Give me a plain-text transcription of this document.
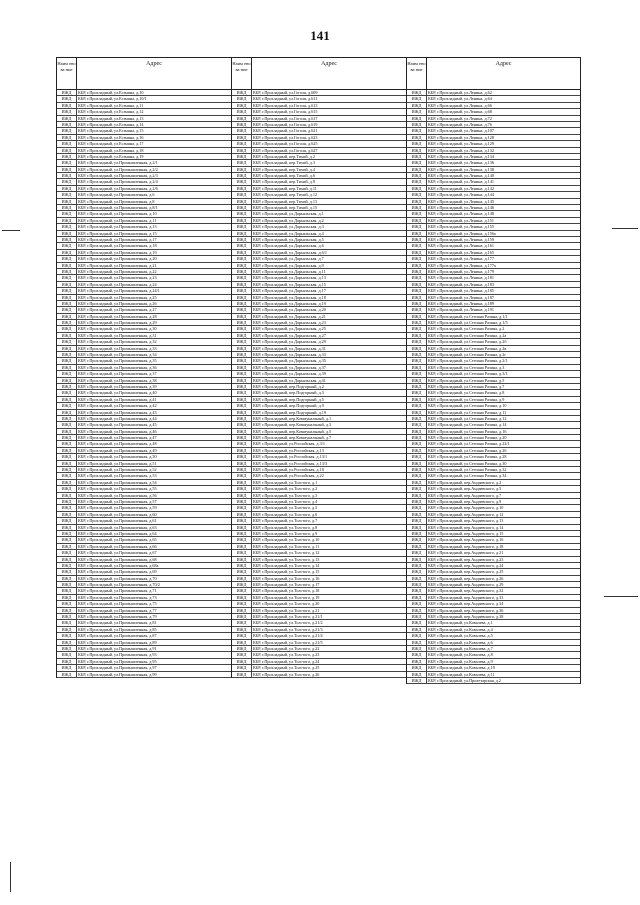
141
Наим енова ние
Адрес
ИЖД	КБР, г.Прохладный, ул.Есенина, д.10
ИЖД	КБР, г.Прохладный, ул.Есенина, д.10/1
ИЖД	КБР, г.Прохладный, ул.Есенина, д.11
ИЖД	КБР, г.Прохладный, ул.Есенина, д.12
ИЖД	КБР, г.Прохладный, ул.Есенина, д.13
ИЖД	КБР, г.Прохладный, ул.Есенина, д.14
ИЖД	КБР, г.Прохладный, ул.Есенина, д.15
ИЖД	КБР, г.Прохладный, ул.Есенина, д.16
ИЖД	КБР, г.Прохладный, ул.Есенина, д.17
ИЖД	КБР, г.Прохладный, ул.Есенина, д.18
ИЖД	КБР, г.Прохладный, ул.Есенина, д.19
ИЖД	КБР, г.Прохладный, ул.Промышленная, д.2/1
ИЖД	КБР, г.Прохладный, ул.Промышленная, д.2/2
ИЖД	КБР, г.Прохладный, ул.Промышленная, д.2/3
ИЖД	КБР, г.Прохладный, ул.Промышленная, д.2/4
ИЖД	КБР, г.Прохладный, ул.Промышленная, д.2/6
ИЖД	КБР, г.Прохладный, ул.Промышленная, д.6
ИЖД	КБР, г.Прохладный, ул.Промышленная, д.8
ИЖД	КБР, г.Прохладный, ул.Промышленная, д.8/1
ИЖД	КБР, г.Прохладный, ул.Промышленная, д.10
ИЖД	КБР, г.Прохладный, ул.Промышленная, д.11
ИЖД	КБР, г.Прохладный, ул.Промышленная, д.13
ИЖД	КБР, г.Прохладный, ул.Промышленная, д.15
ИЖД	КБР, г.Прохладный, ул.Промышленная, д.17
ИЖД	КБР, г.Прохладный, ул.Промышленная, д.18
ИЖД	КБР, г.Прохладный, ул.Промышленная, д.19
ИЖД	КБР, г.Прохладный, ул.Промышленная, д.20
ИЖД	КБР, г.Прохладный, ул.Промышленная, д.21
ИЖД	КБР, г.Прохладный, ул.Промышленная, д.22
ИЖД	КБР, г.Прохладный, ул.Промышленная, д.23
ИЖД	КБР, г.Прохладный, ул.Промышленная, д.24
ИЖД	КБР, г.Прохладный, ул.Промышленная, д.24/1
ИЖД	КБР, г.Прохладный, ул.Промышленная, д.25
ИЖД	КБР, г.Прохладный, ул.Промышленная, д.26
ИЖД	КБР, г.Прохладный, ул.Промышленная, д.27
ИЖД	КБР, г.Прохладный, ул.Промышленная, д.28
ИЖД	КБР, г.Прохладный, ул.Промышленная, д.29
ИЖД	КБР, г.Прохладный, ул.Промышленная, д.30
ИЖД	КБР, г.Прохладный, ул.Промышленная, д.31
ИЖД	КБР, г.Прохладный, ул.Промышленная, д.32
ИЖД	КБР, г.Прохладный, ул.Промышленная, д.33
ИЖД	КБР, г.Прохладный, ул.Промышленная, д.34
ИЖД	КБР, г.Прохладный, ул.Промышленная, д.35
ИЖД	КБР, г.Прохладный, ул.Промышленная, д.36
ИЖД	КБР, г.Прохладный, ул.Промышленная, д.37
ИЖД	КБР, г.Прохладный, ул.Промышленная, д.38
ИЖД	КБР, г.Прохладный, ул.Промышленная, д.39
ИЖД	КБР, г.Прохладный, ул.Промышленная, д.40
ИЖД	КБР, г.Прохладный, ул.Промышленная, д.41
ИЖД	КБР, г.Прохладный, ул.Промышленная, д.42
ИЖД	КБР, г.Прохладный, ул.Промышленная, д.43
ИЖД	КБР, г.Прохладный, ул.Промышленная, д.44
ИЖД	КБР, г.Прохладный, ул.Промышленная, д.45
ИЖД	КБР, г.Прохладный, ул.Промышленная, д.46
ИЖД	КБР, г.Прохладный, ул.Промышленная, д.47
ИЖД	КБР, г.Прохладный, ул.Промышленная, д.48
ИЖД	КБР, г.Прохладный, ул.Промышленная, д.49
ИЖД	КБР, г.Прохладный, ул.Промышленная, д.50
ИЖД	КБР, г.Прохладный, ул.Промышленная, д.51
ИЖД	КБР, г.Прохладный, ул.Промышленная, д.52
ИЖД	КБР, г.Прохладный, ул.Промышленная, д.53
ИЖД	КБР, г.Прохладный, ул.Промышленная, д.54
ИЖД	КБР, г.Прохладный, ул.Промышленная, д.55
ИЖД	КБР, г.Прохладный, ул.Промышленная, д.56
ИЖД	КБР, г.Прохладный, ул.Промышленная, д.57
ИЖД	КБР, г.Прохладный, ул.Промышленная, д.59
ИЖД	КБР, г.Прохладный, ул.Промышленная, д.60
ИЖД	КБР, г.Прохладный, ул.Промышленная, д.61
ИЖД	КБР, г.Прохладный, ул.Промышленная, д.63
ИЖД	КБР, г.Прохладный, ул.Промышленная, д.64
ИЖД	КБР, г.Прохладный, ул.Промышленная, д.65
ИЖД	КБР, г.Прохладный, ул.Промышленная, д.66
ИЖД	КБР, г.Прохладный, ул.Промышленная, д.67
ИЖД	КБР, г.Прохладный, ул.Промышленная, д.68
ИЖД	КБР, г.Прохладный, ул.Промышленная, д.68а
ИЖД	КБР, г.Прохладный, ул.Промышленная, д.69
ИЖД	КБР, г.Прохладный, ул.Промышленная, д.70
ИЖД	КБР, г.Прохладный, ул.Промышленная, д.70/2
ИЖД	КБР, г.Прохладный, ул.Промышленная, д.71
ИЖД	КБР, г.Прохладный, ул.Промышленная, д.73
ИЖД	КБР, г.Прохладный, ул.Промышленная, д.75
ИЖД	КБР, г.Прохладный, ул.Промышленная, д.77
ИЖД	КБР, г.Прохладный, ул.Промышленная, д.79
ИЖД	КБР, г.Прохладный, ул.Промышленная, д.81
ИЖД	КБР, г.Прохладный, ул.Промышленная, д.85
ИЖД	КБР, г.Прохладный, ул.Промышленная, д.87
ИЖД	КБР, г.Прохладный, ул.Промышленная, д.89
ИЖД	КБР, г.Прохладный, ул.Промышленная, д.91
ИЖД	КБР, г.Прохладный, ул.Промышленная, д.93
ИЖД	КБР, г.Прохладный, ул.Промышленная, д.95
ИЖД	КБР, г.Прохладный, ул.Промышленная, д.97
ИЖД	КБР, г.Прохладный, ул.Промышленная, д.99
Наим енова ние
Адрес
ИЖД	КБР, г.Прохладный, ул.Гоголя, д.609
ИЖД	КБР, г.Прохладный, ул.Гоголя, д.611
ИЖД	КБР, г.Прохладный, ул.Гоголя, д.613
ИЖД	КБР, г.Прохладный, ул.Гоголя, д.615
ИЖД	КБР, г.Прохладный, ул.Гоголя, д.617
ИЖД	КБР, г.Прохладный, ул.Гоголя, д.619
ИЖД	КБР, г.Прохладный, ул.Гоголя, д.621
ИЖД	КБР, г.Прохладный, ул.Гоголя, д.623
ИЖД	КБР, г.Прохладный, ул.Гоголя, д.625
ИЖД	КБР, г.Прохладный, ул.Гоголя, д.627
ИЖД	КБР, г.Прохладный, пер.Тихий, д.2
ИЖД	КБР, г.Прохладный, пер.Тихий, д.3
ИЖД	КБР, г.Прохладный, пер.Тихий, д.4
ИЖД	КБР, г.Прохладный, пер.Тихий, д.6
ИЖД	КБР, г.Прохладный, пер.Тихий, д.9
ИЖД	КБР, г.Прохладный, пер.Тихий, д.11
ИЖД	КБР, г.Прохладный, пер.Тихий, д.12
ИЖД	КБР, г.Прохладный, пер.Тихий, д.13
ИЖД	КБР, г.Прохладный, пер.Тихий, д.15
ИЖД	КБР, г.Прохладный, ул.Дарьяльская, д.1
ИЖД	КБР, г.Прохладный, ул.Дарьяльская, д.2
ИЖД	КБР, г.Прохладный, ул.Дарьяльская, д.3
ИЖД	КБР, г.Прохладный, ул.Дарьяльская, д.4
ИЖД	КБР, г.Прохладный, ул.Дарьяльская, д.5
ИЖД	КБР, г.Прохладный, ул.Дарьяльская, д.6
ИЖД	КБР, г.Прохладный, ул.Дарьяльская, д.6/1
ИЖД	КБР, г.Прохладный, ул.Дарьяльская, д.7
ИЖД	КБР, г.Прохладный, ул.Дарьяльская, д.9
ИЖД	КБР, г.Прохладный, ул.Дарьяльская, д.11
ИЖД	КБР, г.Прохладный, ул.Дарьяльская, д.13
ИЖД	КБР, г.Прохладный, ул.Дарьяльская, д.15
ИЖД	КБР, г.Прохладный, ул.Дарьяльская, д.17
ИЖД	КБР, г.Прохладный, ул.Дарьяльская, д.18
ИЖД	КБР, г.Прохладный, ул.Дарьяльская, д.19
ИЖД	КБР, г.Прохладный, ул.Дарьяльская, д.20
ИЖД	КБР, г.Прохладный, ул.Дарьяльская, д.21
ИЖД	КБР, г.Прохладный, ул.Дарьяльская, д.23
ИЖД	КБР, г.Прохладный, ул.Дарьяльская, д.25
ИЖД	КБР, г.Прохладный, ул.Дарьяльская, д.27
ИЖД	КБР, г.Прохладный, ул.Дарьяльская, д.29
ИЖД	КБР, г.Прохладный, ул.Дарьяльская, д.31
ИЖД	КБР, г.Прохладный, ул.Дарьяльская, д.33
ИЖД	КБР, г.Прохладный, ул.Дарьяльская, д.35
ИЖД	КБР, г.Прохладный, ул.Дарьяльская, д.37
ИЖД	КБР, г.Прохладный, ул.Дарьяльская, д.39
ИЖД	КБР, г.Прохладный, ул.Дарьяльская, д.41
ИЖД	КБР, г.Прохладный, пер.Подгорный, д.2
ИЖД	КБР, г.Прохладный, пер.Подгорный, д.3
ИЖД	КБР, г.Прохладный, пер.Подгорный, д.5
ИЖД	КБР, г.Прохладный, пер.Подгорный, д.9
ИЖД	КБР, г.Прохладный, пер.Подгорный, д.19
ИЖД	КБР, г.Прохладный, пер.Коммунальный, д.1
ИЖД	КБР, г.Прохладный, пер.Коммунальный, д.3
ИЖД	КБР, г.Прохладный, пер.Коммунальный, д.5
ИЖД	КБР, г.Прохладный, пер.Коммунальный, д.7
ИЖД	КБР, г.Прохладный, ул.Российская, д.3/1
ИЖД	КБР, г.Прохладный, ул.Российская, д.13
ИЖД	КБР, г.Прохладный, ул.Российская, д.13/1
ИЖД	КБР, г.Прохладный, ул.Российская, д.13/3
ИЖД	КБР, г.Прохладный, ул.Российская, д.18
ИЖД	КБР, г.Прохладный, ул.Российская, д.22
ИЖД	КБР, г.Прохладный, ул.Толстого, д.1
ИЖД	КБР, г.Прохладный, ул.Толстого, д.2
ИЖД	КБР, г.Прохладный, ул.Толстого, д.3
ИЖД	КБР, г.Прохладный, ул.Толстого, д.4
ИЖД	КБР, г.Прохладный, ул.Толстого, д.5
ИЖД	КБР, г.Прохладный, ул.Толстого, д.6
ИЖД	КБР, г.Прохладный, ул.Толстого, д.7
ИЖД	КБР, г.Прохладный, ул.Толстого, д.8
ИЖД	КБР, г.Прохладный, ул.Толстого, д.9
ИЖД	КБР, г.Прохладный, ул.Толстого, д.10
ИЖД	КБР, г.Прохладный, ул.Толстого, д.11
ИЖД	КБР, г.Прохладный, ул.Толстого, д.12
ИЖД	КБР, г.Прохладный, ул.Толстого, д.13
ИЖД	КБР, г.Прохладный, ул.Толстого, д.14
ИЖД	КБР, г.Прохладный, ул.Толстого, д.15
ИЖД	КБР, г.Прохладный, ул.Толстого, д.16
ИЖД	КБР, г.Прохладный, ул.Толстого, д.17
ИЖД	КБР, г.Прохладный, ул.Толстого, д.18
ИЖД	КБР, г.Прохладный, ул.Толстого, д.19
ИЖД	КБР, г.Прохладный, ул.Толстого, д.20
ИЖД	КБР, г.Прохладный, ул.Толстого, д.21
ИЖД	КБР, г.Прохладный, ул.Толстого, д.21/1
ИЖД	КБР, г.Прохладный, ул.Толстого, д.21/2
ИЖД	КБР, г.Прохладный, ул.Толстого, д.21/3
ИЖД	КБР, г.Прохладный, ул.Толстого, д.21/4
ИЖД	КБР, г.Прохладный, ул.Толстого, д.21/5
ИЖД	КБР, г.Прохладный, ул.Толстого, д.22
ИЖД	КБР, г.Прохладный, ул.Толстого, д.23
ИЖД	КБР, г.Прохладный, ул.Толстого, д.24
ИЖД	КБР, г.Прохладный, ул.Толстого, д.25
ИЖД	КБР, г.Прохладный, ул.Толстого, д.26
Наим енова ние
Адрес
ИЖД	КБР, г.Прохладный, ул.Ленина, д.62
ИЖД	КБР, г.Прохладный, ул.Ленина, д.64
ИЖД	КБР, г.Прохладный, ул.Ленина, д.66
ИЖД	КБР, г.Прохладный, ул.Ленина, д.68
ИЖД	КБР, г.Прохладный, ул.Ленина, д.72
ИЖД	КБР, г.Прохладный, ул.Ленина, д.76
ИЖД	КБР, г.Прохладный, ул.Ленина, д.107
ИЖД	КБР, г.Прохладный, ул.Ленина, д.128
ИЖД	КБР, г.Прохладный, ул.Ленина, д.129
ИЖД	КБР, г.Прохладный, ул.Ленина, д.132
ИЖД	КБР, г.Прохладный, ул.Ленина, д.134
ИЖД	КБР, г.Прохладный, ул.Ленина, д.136
ИЖД	КБР, г.Прохладный, ул.Ленина, д.138
ИЖД	КБР, г.Прохладный, ул.Ленина, д.140
ИЖД	КБР, г.Прохладный, ул.Ленина, д.141
ИЖД	КБР, г.Прохладный, ул.Ленина, д.142
ИЖД	КБР, г.Прохладный, ул.Ленина, д.144
ИЖД	КБР, г.Прохладный, ул.Ленина, д.145
ИЖД	КБР, г.Прохладный, ул.Ленина, д.146
ИЖД	КБР, г.Прохладный, ул.Ленина, д.148
ИЖД	КБР, г.Прохладный, ул.Ленина, д.151
ИЖД	КБР, г.Прохладный, ул.Ленина, д.155
ИЖД	КБР, г.Прохладный, ул.Ленина, д.156а
ИЖД	КБР, г.Прохладный, ул.Ленина, д.159
ИЖД	КБР, г.Прохладный, ул.Ленина, д.161
ИЖД	КБР, г.Прохладный, ул.Ленина, д.165
ИЖД	КБР, г.Прохладный, ул.Ленина, д.177
ИЖД	КБР, г.Прохладный, ул.Ленина, д.177а
ИЖД	КБР, г.Прохладный, ул.Ленина, д.179
ИЖД	КБР, г.Прохладный, ул.Ленина, д.181
ИЖД	КБР, г.Прохладный, ул.Ленина, д.183
ИЖД	КБР, г.Прохладный, ул.Ленина, д.185
ИЖД	КБР, г.Прохладный, ул.Ленина, д.187
ИЖД	КБР, г.Прохладный, ул.Ленина, д.189
ИЖД	КБР, г.Прохладный, ул.Ленина, д.191
ИЖД	КБР, г.Прохладный, ул.Степана Разина, д.1/1
ИЖД	КБР, г.Прохладный, ул.Степана Разина, д.1/5
ИЖД	КБР, г.Прохладный, ул.Степана Разина, д.2
ИЖД	КБР, г.Прохладный, ул.Степана Разина, д.2а
ИЖД	КБР, г.Прохладный, ул.Степана Разина, д.2б
ИЖД	КБР, г.Прохладный, ул.Степана Разина, д.2в
ИЖД	КБР, г.Прохладный, ул.Степана Разина, д.2г
ИЖД	КБР, г.Прохладный, ул.Степана Разина, д.2/1
ИЖД	КБР, г.Прохладный, ул.Степана Разина, д.3
ИЖД	КБР, г.Прохладный, ул.Степана Разина, д.3/1
ИЖД	КБР, г.Прохладный, ул.Степана Разина, д.5
ИЖД	КБР, г.Прохладный, ул.Степана Разина, д.7
ИЖД	КБР, г.Прохладный, ул.Степана Разина, д.8
ИЖД	КБР, г.Прохладный, ул.Степана Разина, д.9
ИЖД	КБР, г.Прохладный, ул.Степана Разина, д.10
ИЖД	КБР, г.Прохладный, ул.Степана Разина, д.11
ИЖД	КБР, г.Прохладный, ул.Степана Разина, д.12
ИЖД	КБР, г.Прохладный, ул.Степана Разина, д.14
ИЖД	КБР, г.Прохладный, ул.Степана Разина, д.16
ИЖД	КБР, г.Прохладный, ул.Степана Разина, д.20
ИЖД	КБР, г.Прохладный, ул.Степана Разина, д.22/1
ИЖД	КБР, г.Прохладный, ул.Степана Разина, д.26
ИЖД	КБР, г.Прохладный, ул.Степана Разина, д.28
ИЖД	КБР, г.Прохладный, ул.Степана Разина, д.30
ИЖД	КБР, г.Прохладный, ул.Степана Разина, д.32
ИЖД	КБР, г.Прохладный, ул.Степана Разина, д.34
ИЖД	КБР, г.Прохладный, пер.Андаевского, д.2
ИЖД	КБР, г.Прохладный, пер.Андаевского, д.5
ИЖД	КБР, г.Прохладный, пер.Андаевского, д.7
ИЖД	КБР, г.Прохладный, пер.Андаевского, д.9
ИЖД	КБР, г.Прохладный, пер.Андаевского, д.10
ИЖД	КБР, г.Прохладный, пер.Андаевского, д.12
ИЖД	КБР, г.Прохладный, пер.Андаевского, д.13
ИЖД	КБР, г.Прохладный, пер.Андаевского, д.14
ИЖД	КБР, г.Прохладный, пер.Андаевского, д.15
ИЖД	КБР, г.Прохладный, пер.Андаевского, д.16
ИЖД	КБР, г.Прохладный, пер.Андаевского, д.18
ИЖД	КБР, г.Прохладный, пер.Андаевского, д.21
ИЖД	КБР, г.Прохладный, пер.Андаевского, д.23
ИЖД	КБР, г.Прохладный, пер.Андаевского, д.24
ИЖД	КБР, г.Прохладный, пер.Андаевского, д.25
ИЖД	КБР, г.Прохладный, пер.Андаевского, д.26
ИЖД	КБР, г.Прохладный, пер.Андаевского, д.29
ИЖД	КБР, г.Прохладный, пер.Андаевского, д.32
ИЖД	КБР, г.Прохладный, пер.Андаевского, д.33
ИЖД	КБР, г.Прохладный, пер.Андаевского, д.34
ИЖД	КБР, г.Прохладный, пер.Андаевского, д.36
ИЖД	КБР, г.Прохладный, пер.Андаевского, д.38
ИЖД	КБР, г.Прохладный, ул.Ковалева, д.1
ИЖД	КБР, г.Прохладный, ул.Ковалева, д.4
ИЖД	КБР, г.Прохладный, ул.Ковалева, д.5
ИЖД	КБР, г.Прохладный, ул.Ковалева, д.6
ИЖД	КБР, г.Прохладный, ул.Ковалева, д.7
ИЖД	КБР, г.Прохладный, ул.Ковалева, д.8
ИЖД	КБР, г.Прохладный, ул.Ковалева, д.9
ИЖД	КБР, г.Прохладный, ул.Ковалева, д.10
ИЖД	КБР, г.Прохладный, ул.Ковалева, д.11
ИЖД	КБР, г.Прохладный, ул.Пролетарская, д.2
